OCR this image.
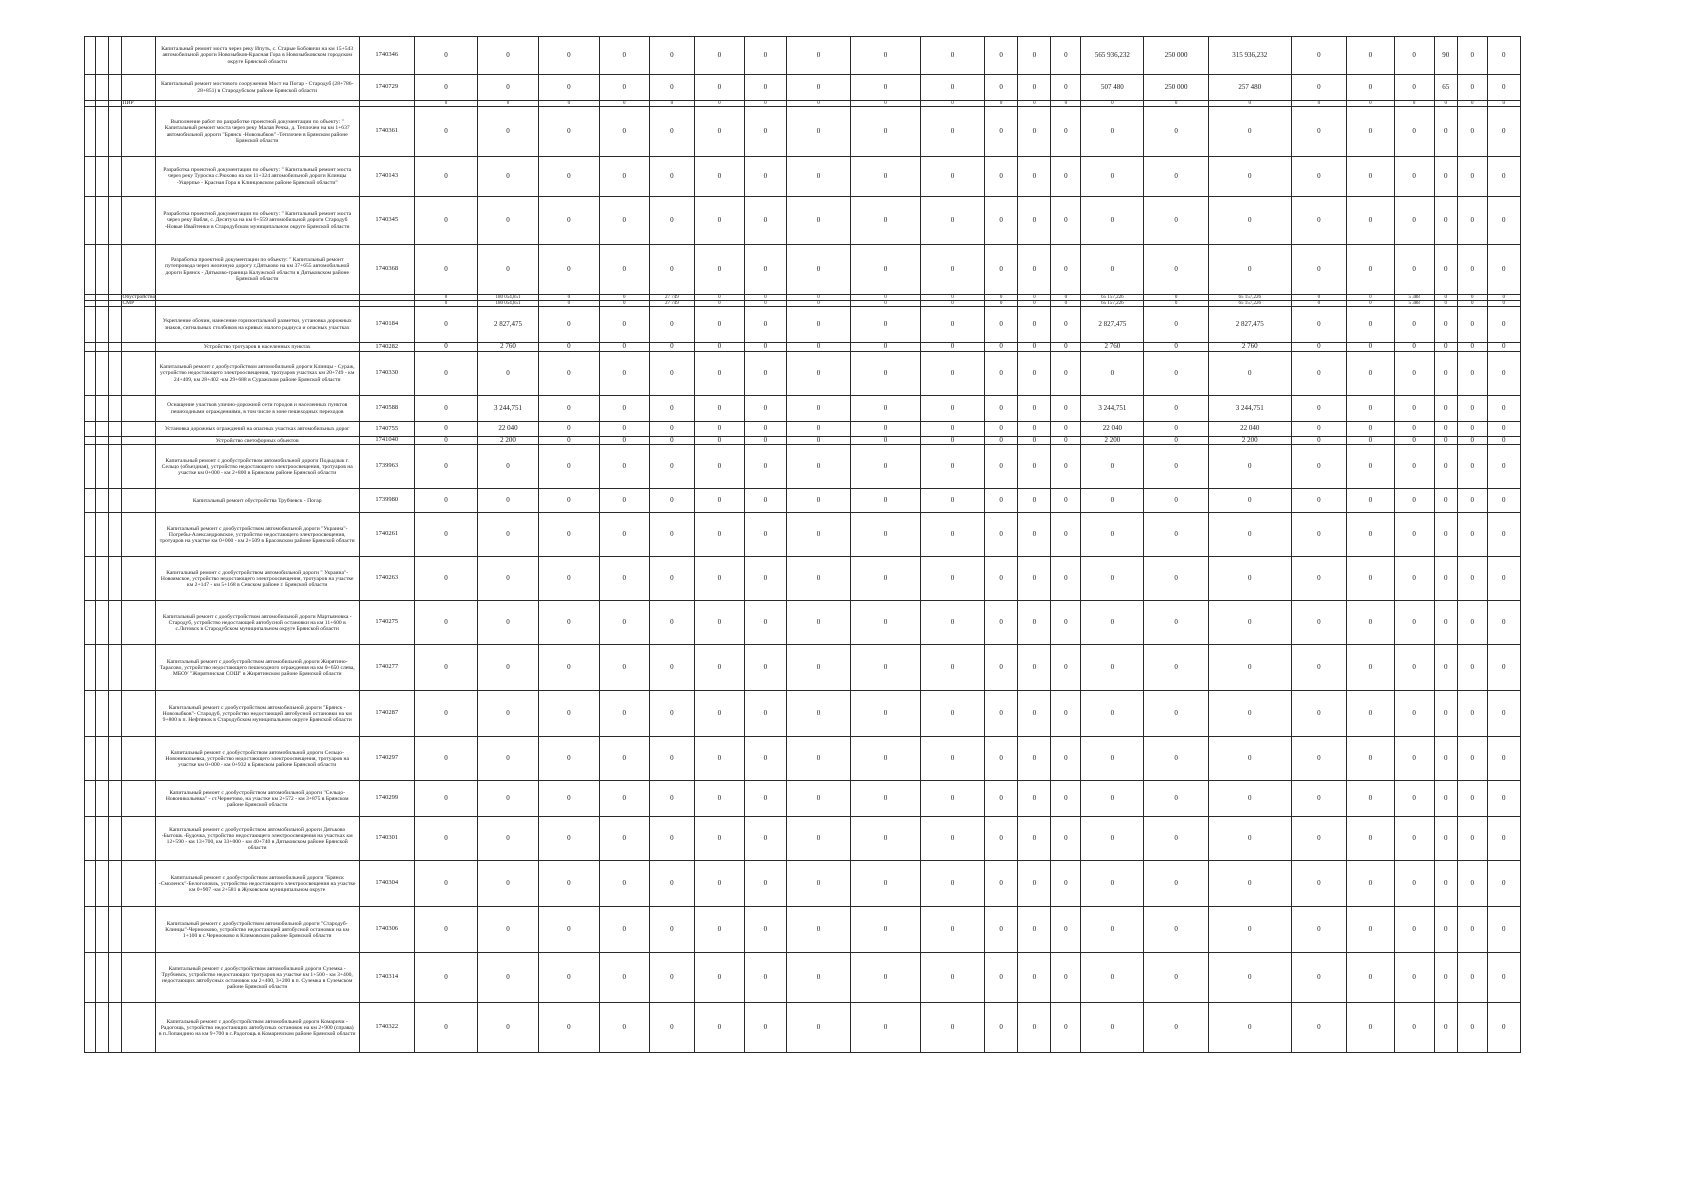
				Капитальный ремонт моста через реку Ипуть, с. Старые Бобовичи на км 15+543 автомобильной дороги Новозыбков-Красная Гора в Новозыбковском городском округе Брянской области	1740346	0	0	0	0	0	0	0	0	0	0	0	0	0	565 936,232	250 000	315 936,232	0	0	0	90	0	0
				Капитальный ремонт мостового сооружения Мост на Погар - Стародуб (28+786-28+851) в Стародубском районе Брянской области	1740729	0	0	0	0	0	0	0	0	0	0	0	0	0	507 480	250 000	257 480	0	0	0	65	0	0
			ПИР			0	0	0	0	0	0	0	0	0	0	0	0	0	0	0	0	0	0	0	0	0	0
				Выполнение работ по разработке проектной документации по объекту: " Капитальный ремонт моста через реку Малая Речка, д. Теплочеи на км 1+637 автомобильной дороги "Брянск -Новозыбков" -Теплочеи в Брянском районе Брянской области	1740361	0	0	0	0	0	0	0	0	0	0	0	0	0	0	0	0	0	0	0	0	0	0
				Разработка проектной документации по объекту: " Капитальный ремонт моста через реку Туросна с.Рюхово на км 11+324 автомобильной дороги Клинцы -Ущерпье - Красная Гора в Клинцовском районе Брянской области"	1740143	0	0	0	0	0	0	0	0	0	0	0	0	0	0	0	0	0	0	0	0	0	0
				Разработка проектной документации по объекту: " Капитальный ремонт моста через реку Вабля, с. Десятуха на км 6+559 автомобильной дороги Стародуб -Новые Ивайтенки в Стародубском муниципальном округе Брянской области	1740345	0	0	0	0	0	0	0	0	0	0	0	0	0	0	0	0	0	0	0	0	0	0
				Разработка проектной документации по объекту: " Капитальный ремонт путепровода через железную дорогу г.Дятьково на км 37+655 автомобильной дороги Брянск - Дятьково-граница Калужской области в Дятьковском районе Брянской области	1740368	0	0	0	0	0	0	0	0	0	0	0	0	0	0	0	0	0	0	0	0	0	0
			Обустройство			0	180 054,851	0	0	27 749	0	0	0	0	0	0	0	0	65 157,226	0	65 157,226	0	0	5 388	0	0	0
			СМР			0	180 054,851	0	0	27 749	0	0	0	0	0	0	0	0	65 157,226	0	65 157,226	0	0	5 388	0	0	0
				Укрепление обочин, нанесение горизонтальной разметки, установка дорожных знаков, сигнальных столбиков на кривых малого радиуса и опасных участках	1740184	0	2 827,475	0	0	0	0	0	0	0	0	0	0	0	2 827,475	0	2 827,475	0	0	0	0	0	0
				Устройство тротуаров в населенных пунктах	1740282	0	2 760	0	0	0	0	0	0	0	0	0	0	0	2 760	0	2 760	0	0	0	0	0	0
				Капитальный ремонт с дообустройством автомобильной дороги Клинцы - Сураж, устройство недостающего электроосвещения, тротуаров участках км 20+749 - км 24+409, км 28+402 -км 29+688 в Суражском районе Брянской области	1740330	0	0	0	0	0	0	0	0	0	0	0	0	0	0	0	0	0	0	0	0	0	0
				Оснащение участков улично-дорожной сети городов и населенных пунктов пешеходными ограждениями, в том числе в зоне пешеходных переходов	1740588	0	3 244,751	0	0	0	0	0	0	0	0	0	0	0	3 244,751	0	3 244,751	0	0	0	0	0	0
				Установка дорожных ограждений на опасных участках автомобильных дорог	1740755	0	22 040	0	0	0	0	0	0	0	0	0	0	0	22 040	0	22 040	0	0	0	0	0	0
				Устройство светофорных объектов	1741040	0	2 200	0	0	0	0	0	0	0	0	0	0	0	2 200	0	2 200	0	0	0	0	0	0
				Капитальный ремонт с дообустройством автомобильной дороги Подыдзык г. Сельцо (объездная), устройство недостающего электроосвещения, тротуаров на участке км 0+000 - км 2+800 в Брянском районе Брянской области	1739963	0	0	0	0	0	0	0	0	0	0	0	0	0	0	0	0	0	0	0	0	0	0
				Капитальный ремонт обустройства Трубчевск - Погар	1739980	0	0	0	0	0	0	0	0	0	0	0	0	0	0	0	0	0	0	0	0	0	0
				Капитальный ремонт с дообустройством автомобильной дороги "Украина"-Погребы-Александровское, устройство недостающего электроосвещения, тротуаров на участке км 0+000 - км 2+509 в Брасовском районе Брянской области	1740261	0	0	0	0	0	0	0	0	0	0	0	0	0	0	0	0	0	0	0	0	0	0
				Капитальный ремонт с дообустройством автомобильной дороги " Украина"- Новоямское, устройство недостающего электроосвещения, тротуаров на участке км 2+147 - км 5+168 в Севском районе г. Брянской области	1740263	0	0	0	0	0	0	0	0	0	0	0	0	0	0	0	0	0	0	0	0	0	0
				Капитальный ремонт с дообустройством автомобильной дороги Мартьяновка - Стародуб, устройство недостающей автобусной остановки на км 11+600 в с.Литовск в Стародубском муниципальном округе Брянской области	1740275	0	0	0	0	0	0	0	0	0	0	0	0	0	0	0	0	0	0	0	0	0	0
				Капитальный ремонт с дообустройством автомобильной дороги Жирятино-Тарасово, устройство недостающего пешеходного ограждения на км 0+650 слева, МБОУ "Жирятинская СОШ" в Жирятинском районе Брянской области	1740277	0	0	0	0	0	0	0	0	0	0	0	0	0	0	0	0	0	0	0	0	0	0
				Капитальный ремонт с дообустройством автомобильной дороги "Брянск - Новозыбков"- Стародуб, устройство недостающей автобусной остановки на км 9+800 в п. Нефтянок в Стародубском муниципальном округе Брянской области	1740287	0	0	0	0	0	0	0	0	0	0	0	0	0	0	0	0	0	0	0	0	0	0
				Капитальный ремонт с дообустройством автомобильной дороги Сельцо-Новоникольевка, устройство недостающего электроосвещения, тротуаров на участке км 0+000 - км 0+932 в Брянском районе Брянской области	1740297	0	0	0	0	0	0	0	0	0	0	0	0	0	0	0	0	0	0	0	0	0	0
				Капитальный ремонт с дообустройством автомобильной дороги "Сельцо-Новоникольевка" - ст.Чернетово, на участке км 2+572 - км 3+875 в Брянском районе Брянской области	1740299	0	0	0	0	0	0	0	0	0	0	0	0	0	0	0	0	0	0	0	0	0	0
				Капитальный ремонт с дообустройством автомобильной дороги Дятьково -Бытошь -Будочка, устройство недостающего электроосвещения на участках км 12+590 - км 13+700, км 33+000 - км 40+740 в Дятьковском районе Брянской области	1740301	0	0	0	0	0	0	0	0	0	0	0	0	0	0	0	0	0	0	0	0	0	0
				Капитальный ремонт с дообустройством автомобильной дороги "Брянск -Смоленск"-Белоголовль, устройство недостающего электроосвещения на участке км 0+907 -км 2+581 в Жуковском муниципальном округе	1740304	0	0	0	0	0	0	0	0	0	0	0	0	0	0	0	0	0	0	0	0	0	0
				Капитальный ремонт с дообустройством автомобильной дороги "Стародуб-Клинцы"-Чернооково, устройство недостающей автобусной остановки на км 1+100 в с.Чернооково в Климовском районе Брянской области	1740306	0	0	0	0	0	0	0	0	0	0	0	0	0	0	0	0	0	0	0	0	0	0
				Капитальный ремонт с дообустройством автомобильной дороги Суземка - Трубчевск, устройство недостающих тротуаров на участке км 1+500 - км 3+400, недостающих автобусных остановок км 2+400, 3+200 в п. Суземка в Суземском районе Брянской области	1740314	0	0	0	0	0	0	0	0	0	0	0	0	0	0	0	0	0	0	0	0	0	0
				Капитальный ремонт с дообустройством автомобильной дороги Комаричи - Радогощь, устройство недостающих автобусных остановок на км 2+900 (справа) в п.Лопандино на км 9+700 в с.Радогощь в Комаричском районе Брянской области	1740322	0	0	0	0	0	0	0	0	0	0	0	0	0	0	0	0	0	0	0	0	0	0
